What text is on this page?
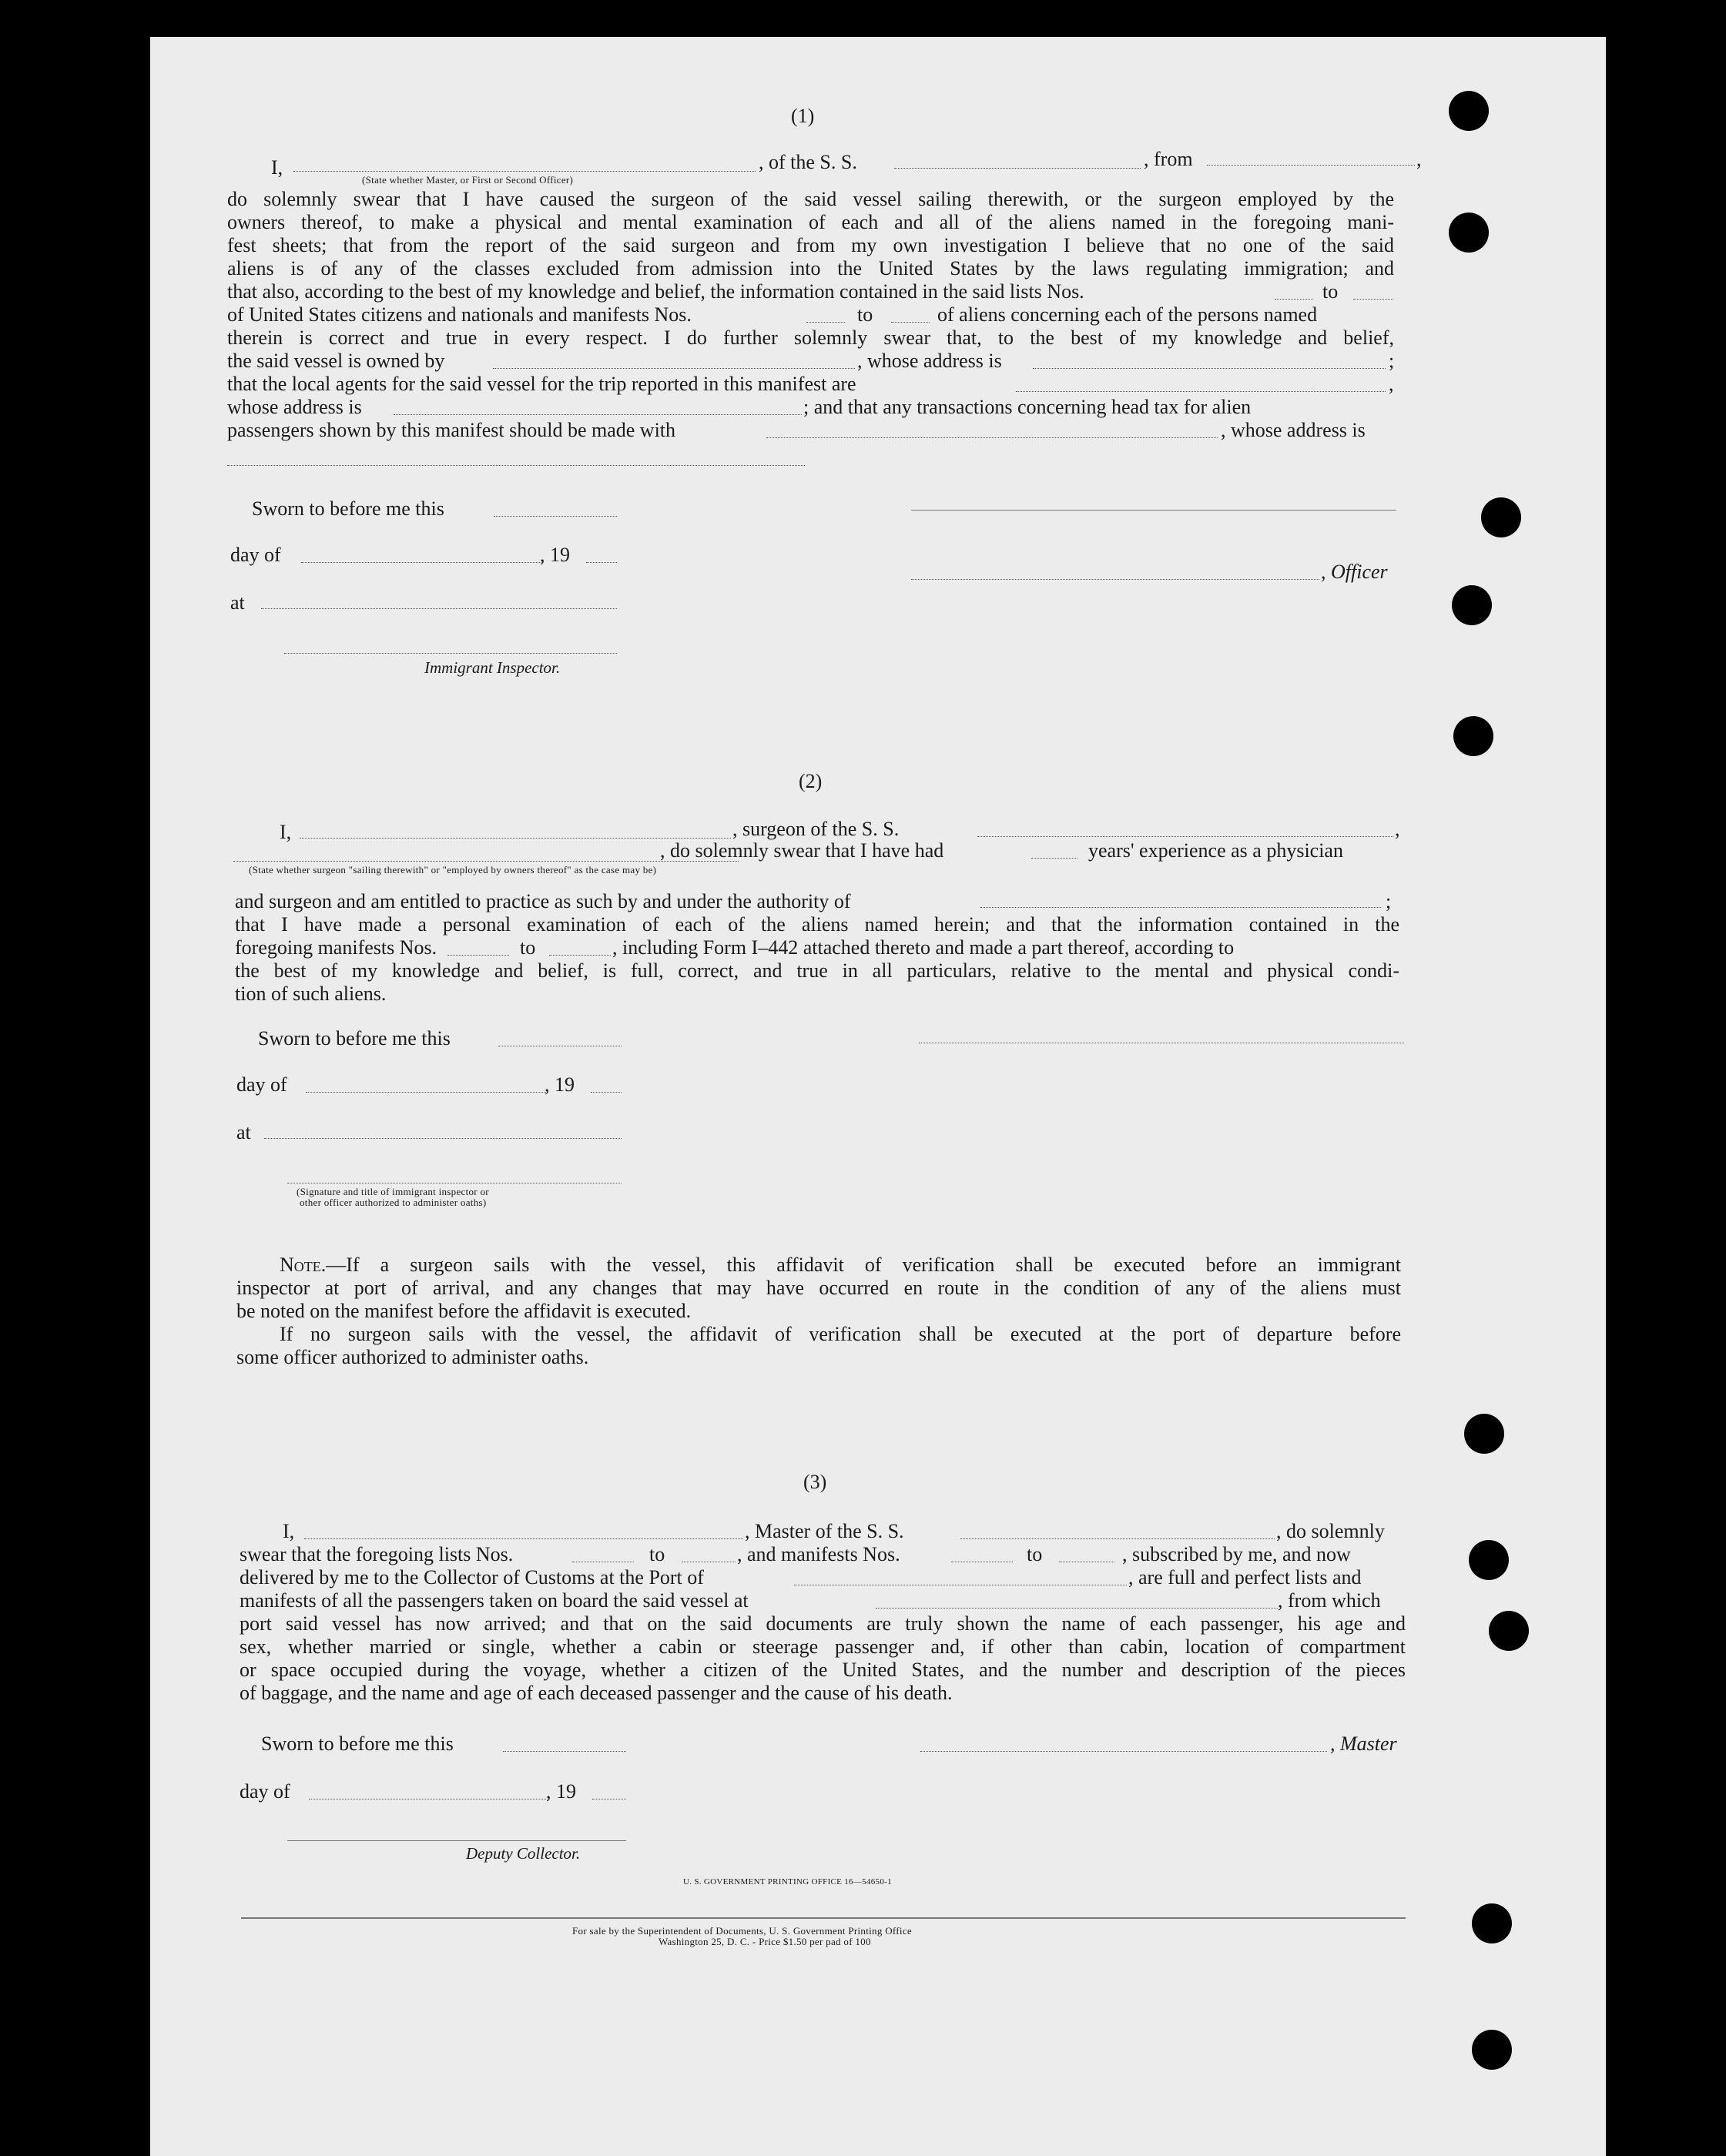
(1)
I,
(State whether Master, or First or Second Officer)
, of the S. S.	, from	,
do solemnly swear that I have caused the surgeon of the said vessel sailing therewith, or the surgeon employed by the
owners thereof, to make a physical and mental examination of each and all of the aliens named in the foregoing mani-
fest sheets; that from the report of the said surgeon and from my own investigation I believe that no one of the said
aliens is of any of the classes excluded from admission into the United States by the laws regulating immigration; and
that also, according to the best of my knowledge and belief, the information contained in the said lists Nos.	to
of United States citizens and nationals and manifests Nos.	to	of aliens concerning each of the persons named
therein is correct and true in every respect. I do further solemnly swear that, to the best of my knowledge and belief,
the said vessel is owned by	, whose address is	;
that the local agents for the said vessel for the trip reported in this manifest are	,
whose address is	; and that any transactions concerning head tax for alien
passengers shown by this manifest should be made with	, whose address is
Sworn to before me this
day of	, 19
, Officer
at
Immigrant Inspector.
(2)
I,	, surgeon of the S. S.	,
, do solemnly swear that I have had	years' experience as a physician
(State whether surgeon "sailing therewith" or "employed by owners thereof" as the case may be)
and surgeon and am entitled to practice as such by and under the authority of	;
that I have made a personal examination of each of the aliens named herein; and that the information contained in the
foregoing manifests Nos.	to	, including Form I–442 attached thereto and made a part thereof, according to
the best of my knowledge and belief, is full, correct, and true in all particulars, relative to the mental and physical condi-
tion of such aliens.
Sworn to before me this
day of	, 19
at
(Signature and title of immigrant inspector or
other officer authorized to administer oaths)
Note.—If a surgeon sails with the vessel, this affidavit of verification shall be executed before an immigrant
inspector at port of arrival, and any changes that may have occurred en route in the condition of any of the aliens must
be noted on the manifest before the affidavit is executed.
If no surgeon sails with the vessel, the affidavit of verification shall be executed at the port of departure before
some officer authorized to administer oaths.
(3)
I,	, Master of the S. S.	, do solemnly
swear that the foregoing lists Nos.	to	, and manifests Nos.	to	, subscribed by me, and now
delivered by me to the Collector of Customs at the Port of	, are full and perfect lists and
manifests of all the passengers taken on board the said vessel at	, from which
port said vessel has now arrived; and that on the said documents are truly shown the name of each passenger, his age and
sex, whether married or single, whether a cabin or steerage passenger and, if other than cabin, location of compartment
or space occupied during the voyage, whether a citizen of the United States, and the number and description of the pieces
of baggage, and the name and age of each deceased passenger and the cause of his death.
Sworn to before me this	, Master
day of	, 19
Deputy Collector.
U. S. GOVERNMENT PRINTING OFFICE 16—54650-1
For sale by the Superintendent of Documents, U. S. Government Printing Office
Washington 25, D. C. - Price $1.50 per pad of 100
